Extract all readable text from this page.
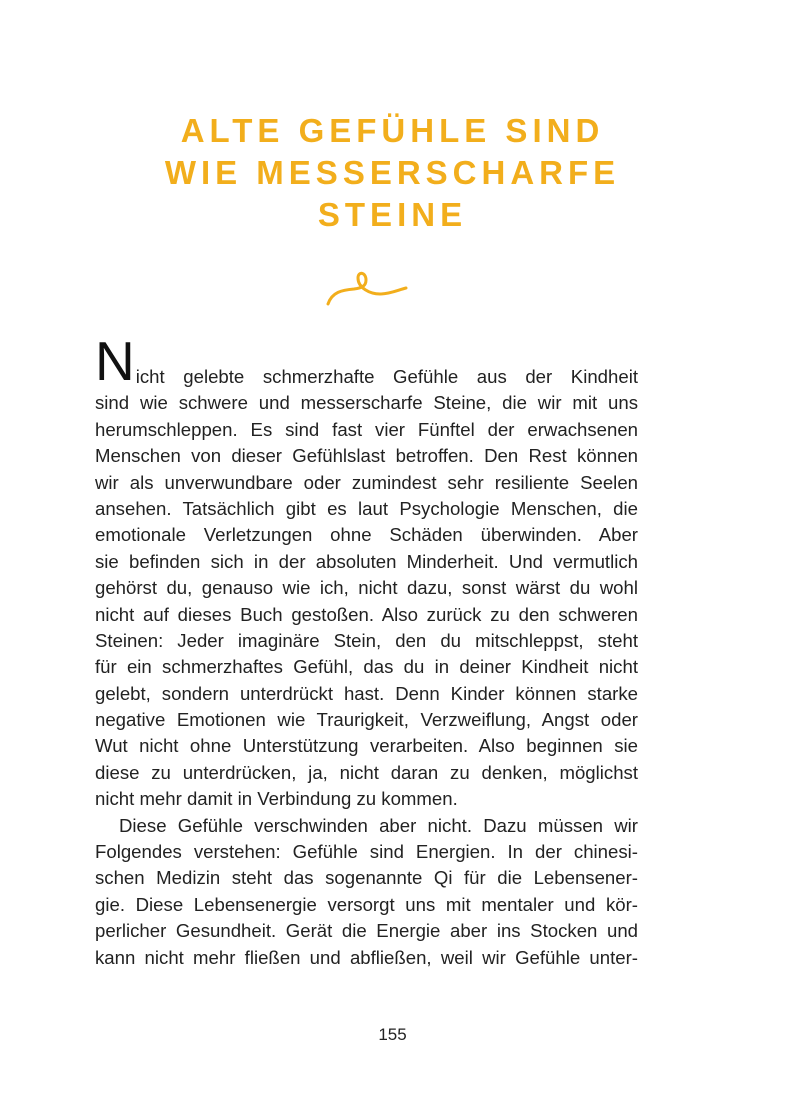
ALTE GEFÜHLE SIND
WIE MESSERSCHARFE
STEINE
N icht gelebte schmerzhafte Gefühle aus der Kindheit
sind wie schwere und messerscharfe Steine, die wir mit uns
herumschleppen. Es sind fast vier Fünftel der erwachsenen
Menschen von dieser Gefühlslast betroffen. Den Rest können
wir als unverwundbare oder zumindest sehr resiliente Seelen
ansehen. Tatsächlich gibt es laut Psychologie Menschen, die
emotionale Verletzungen ohne Schäden überwinden. Aber
sie befinden sich in der absoluten Minderheit. Und vermutlich
gehörst du, genauso wie ich, nicht dazu, sonst wärst du wohl
nicht auf dieses Buch gestoßen. Also zurück zu den schweren
Steinen: Jeder imaginäre Stein, den du mitschleppst, steht
für ein schmerzhaftes Gefühl, das du in deiner Kindheit nicht
gelebt, sondern unterdrückt hast. Denn Kinder können starke
negative Emotionen wie Traurigkeit, Verzweiflung, Angst oder
Wut nicht ohne Unterstützung verarbeiten. Also beginnen sie
diese zu unterdrücken, ja, nicht daran zu denken, möglichst
nicht mehr damit in Verbindung zu kommen.
Diese Gefühle verschwinden aber nicht. Dazu müssen wir
Folgendes verstehen: Gefühle sind Energien. In der chinesi-
schen Medizin steht das sogenannte Qi für die Lebensener-
gie. Diese Lebensenergie versorgt uns mit mentaler und kör-
perlicher Gesundheit. Gerät die Energie aber ins Stocken und
kann nicht mehr fließen und abfließen, weil wir Gefühle unter-
155
